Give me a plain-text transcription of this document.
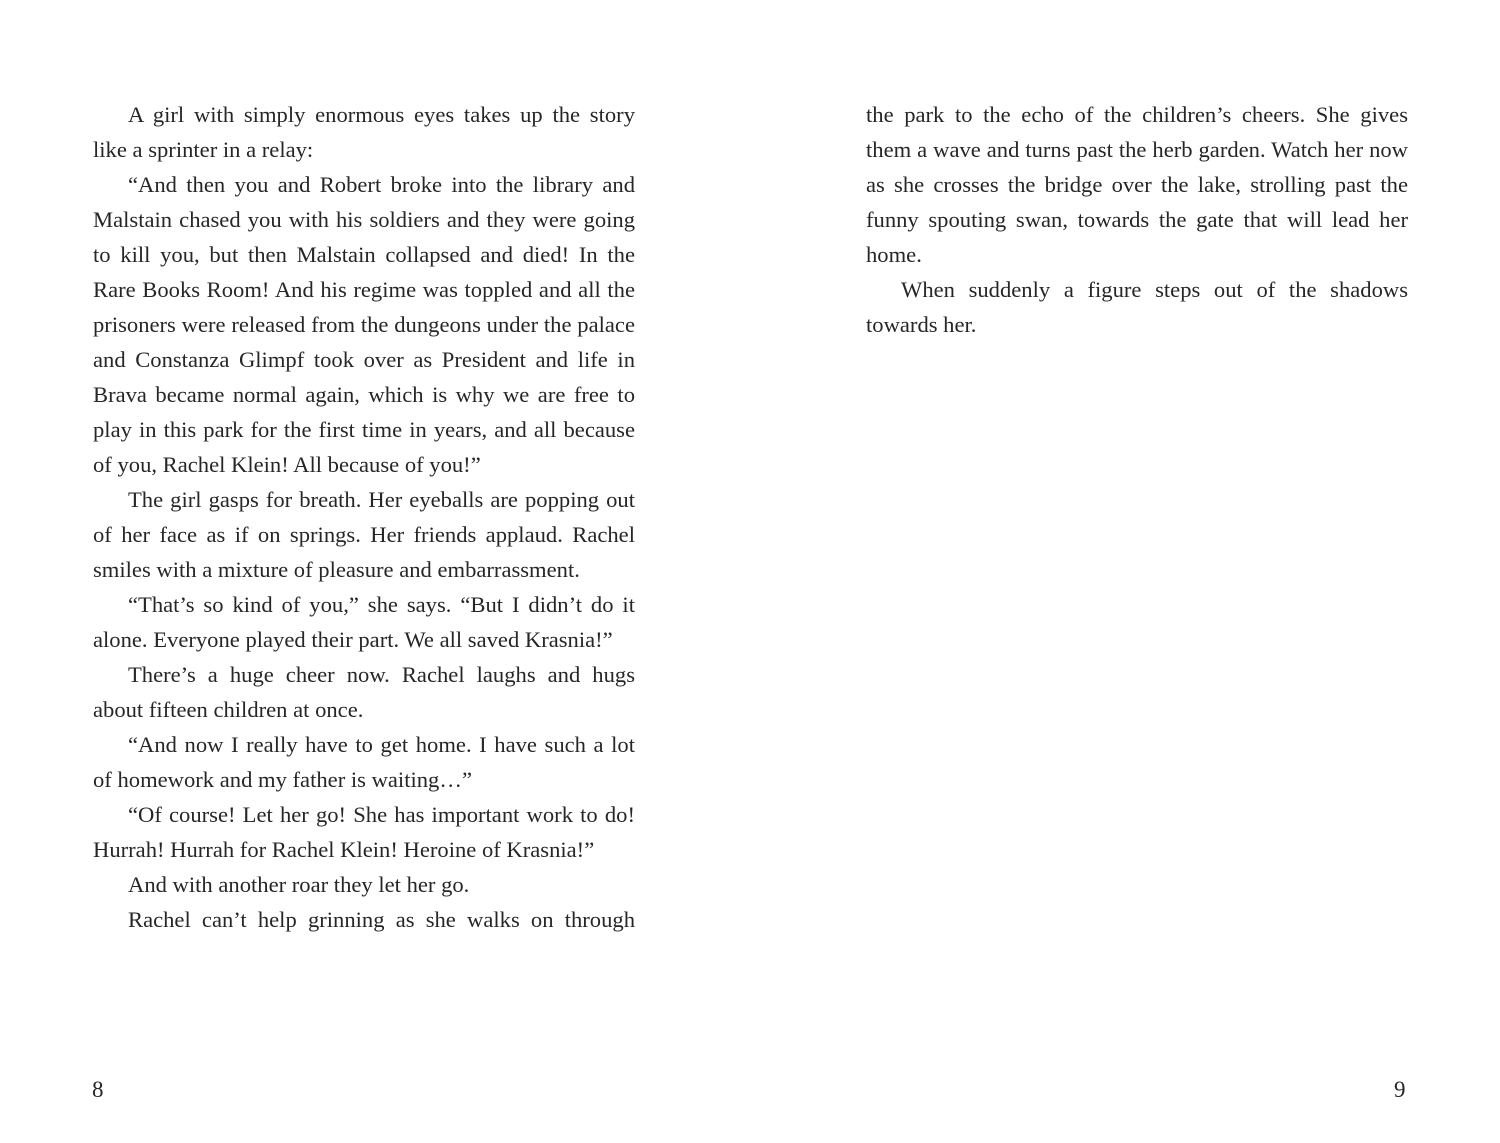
A girl with simply enormous eyes takes up the story like a sprinter in a relay:

“And then you and Robert broke into the library and Malstain chased you with his soldiers and they were going to kill you, but then Malstain collapsed and died! In the Rare Books Room! And his regime was toppled and all the prisoners were released from the dungeons under the palace and Constanza Glimpf took over as President and life in Brava became normal again, which is why we are free to play in this park for the first time in years, and all because of you, Rachel Klein! All because of you!”

The girl gasps for breath. Her eyeballs are popping out of her face as if on springs. Her friends applaud. Rachel smiles with a mixture of pleasure and embarrassment.

“That’s so kind of you,” she says. “But I didn’t do it alone. Everyone played their part. We all saved Krasnia!”

There’s a huge cheer now. Rachel laughs and hugs about fifteen children at once.

“And now I really have to get home. I have such a lot of homework and my father is waiting…”

“Of course! Let her go! She has important work to do! Hurrah! Hurrah for Rachel Klein! Heroine of Krasnia!”

And with another roar they let her go.

Rachel can’t help grinning as she walks on through

8

the park to the echo of the children’s cheers. She gives them a wave and turns past the herb garden. Watch her now as she crosses the bridge over the lake, strolling past the funny spouting swan, towards the gate that will lead her home.

When suddenly a figure steps out of the shadows towards her.

9
